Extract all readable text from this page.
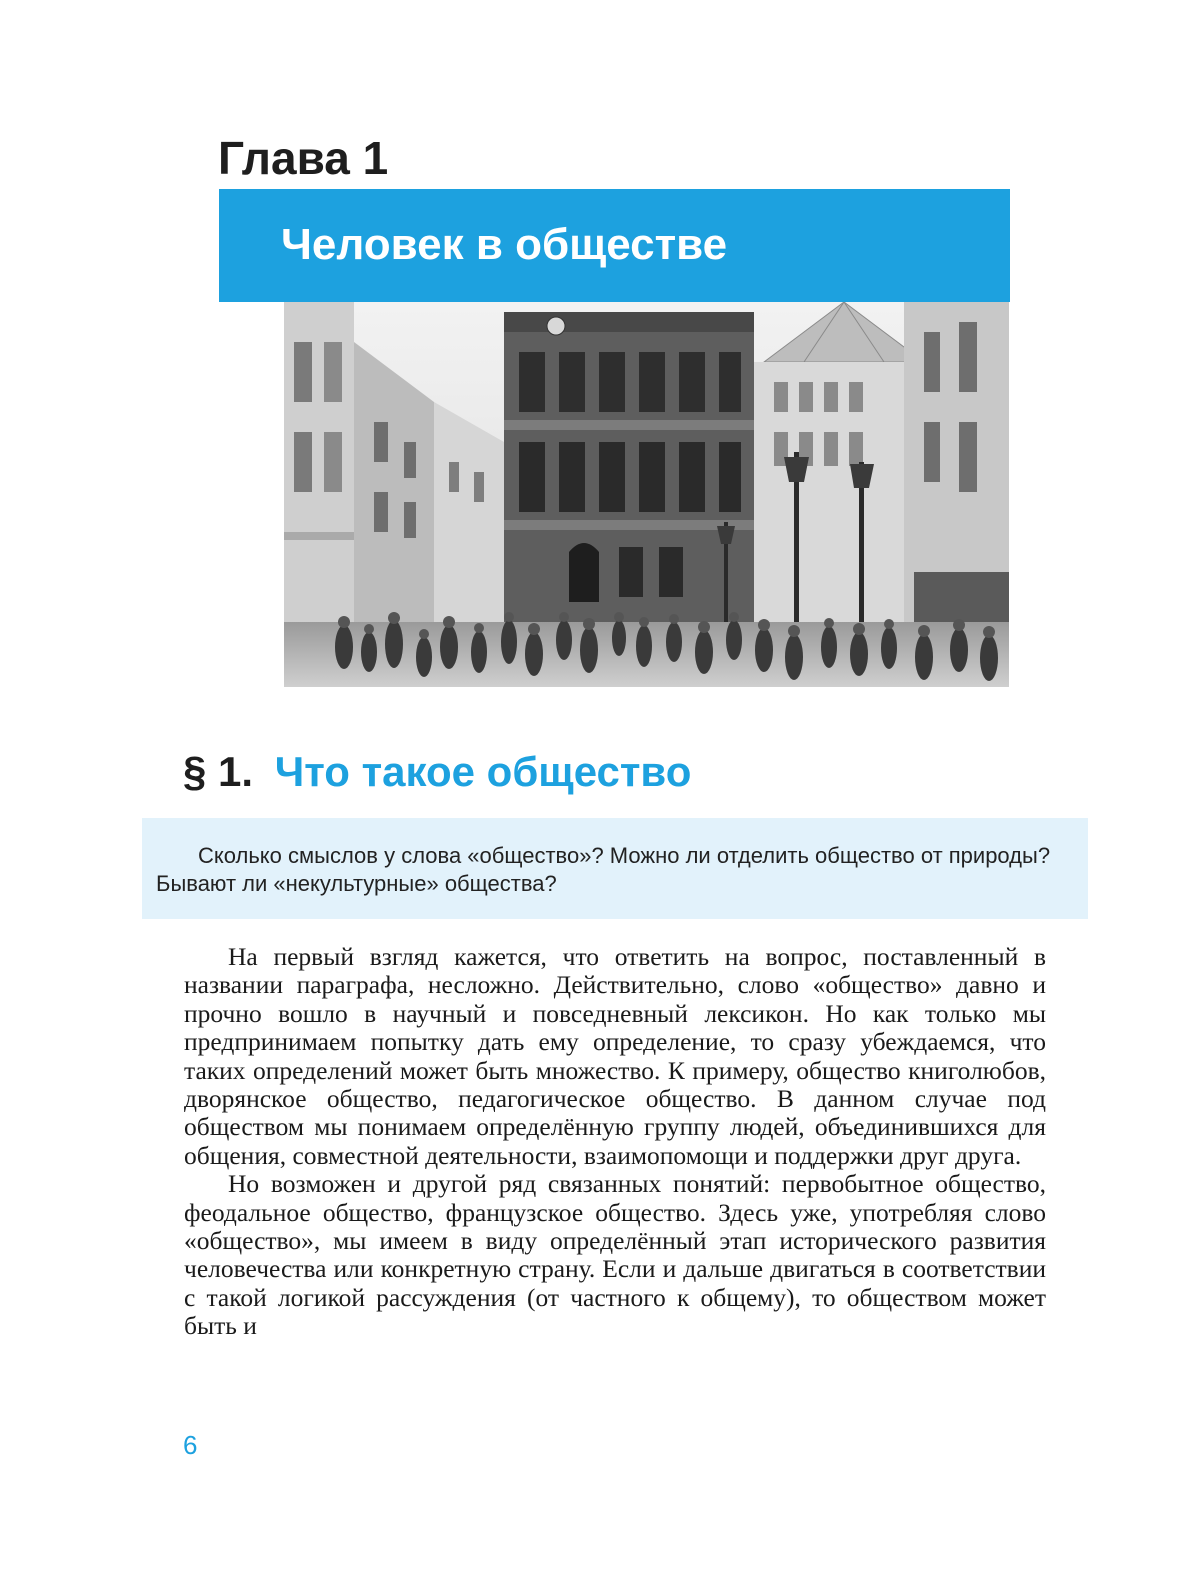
Глава 1
Человек в обществе
§ 1. Что такое общество

Сколько смыслов у слова «общество»? Можно ли отделить общество от природы? Бывают ли «некультурные» общества?

На первый взгляд кажется, что ответить на вопрос, поставленный в названии параграфа, несложно. Действительно, слово «общество» давно и прочно вошло в научный и повседневный лексикон. Но как только мы предпринимаем попытку дать ему определение, то сразу убеждаемся, что таких определений может быть множество. К примеру, общество книголюбов, дворянское общество, педагогическое общество. В данном случае под обществом мы понимаем определённую группу людей, объединившихся для общения, совместной деятельности, взаимопомощи и поддержки друг друга.

Но возможен и другой ряд связанных понятий: первобытное общество, феодальное общество, французское общество. Здесь уже, употребляя слово «общество», мы имеем в виду определённый этап исторического развития человечества или конкретную страну. Если и дальше двигаться в соответствии с такой логикой рассуждения (от частного к общему), то обществом может быть и

6
